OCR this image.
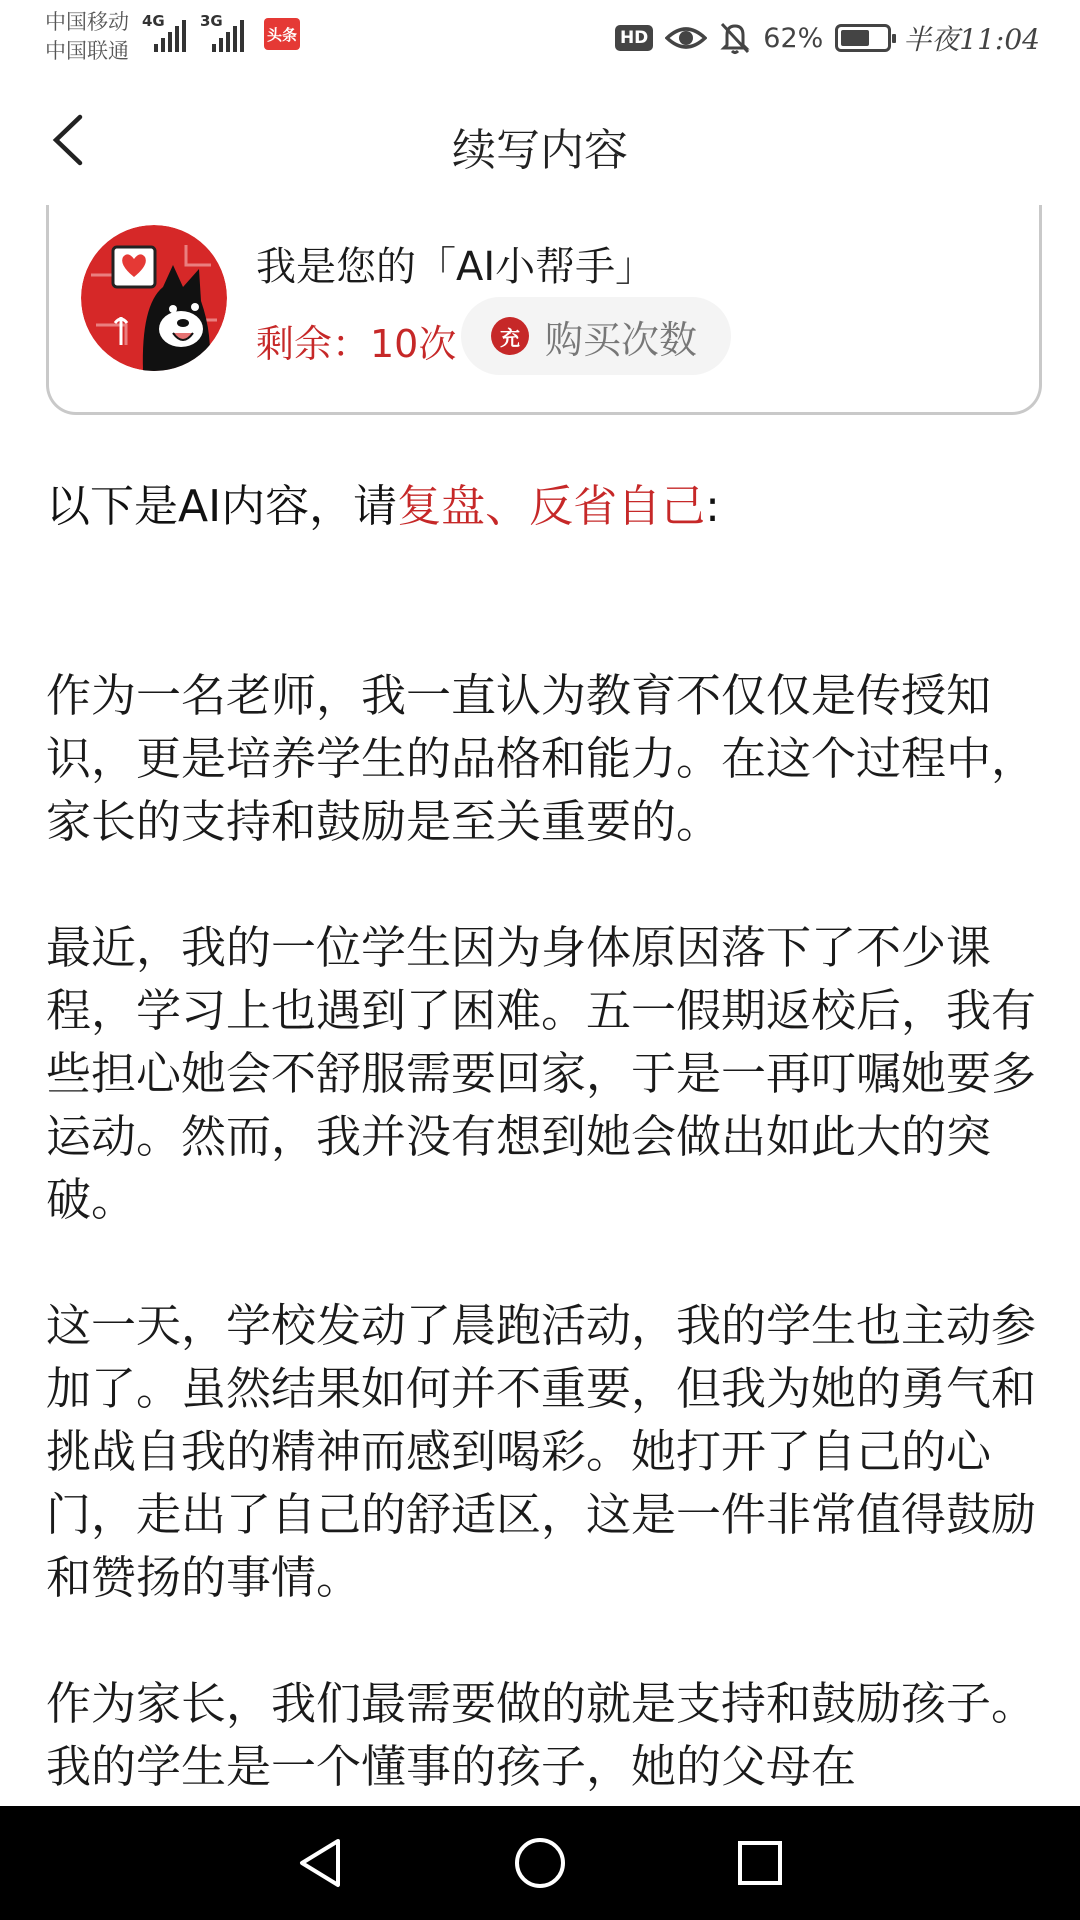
中国移动
中国联通
4G 3G
头条	HD	62%	半夜11:04
续写内容
我是您的「AI小帮手」
剩余：10次	充 购买次数
以下是AI内容，请复盘、反省自己:

作为一名老师，我一直认为教育不仅仅是传授知识，更是培养学生的品格和能力。在这个过程中，家长的支持和鼓励是至关重要的。

最近，我的一位学生因为身体原因落下了不少课程，学习上也遇到了困难。五一假期返校后，我有些担心她会不舒服需要回家，于是一再叮嘱她要多运动。然而，我并没有想到她会做出如此大的突破。

这一天，学校发动了晨跑活动，我的学生也主动参加了。虽然结果如何并不重要，但我为她的勇气和挑战自我的精神而感到喝彩。她打开了自己的心门，走出了自己的舒适区，这是一件非常值得鼓励和赞扬的事情。

作为家长，我们最需要做的就是支持和鼓励孩子。我的学生是一个懂事的孩子，她的父母在
